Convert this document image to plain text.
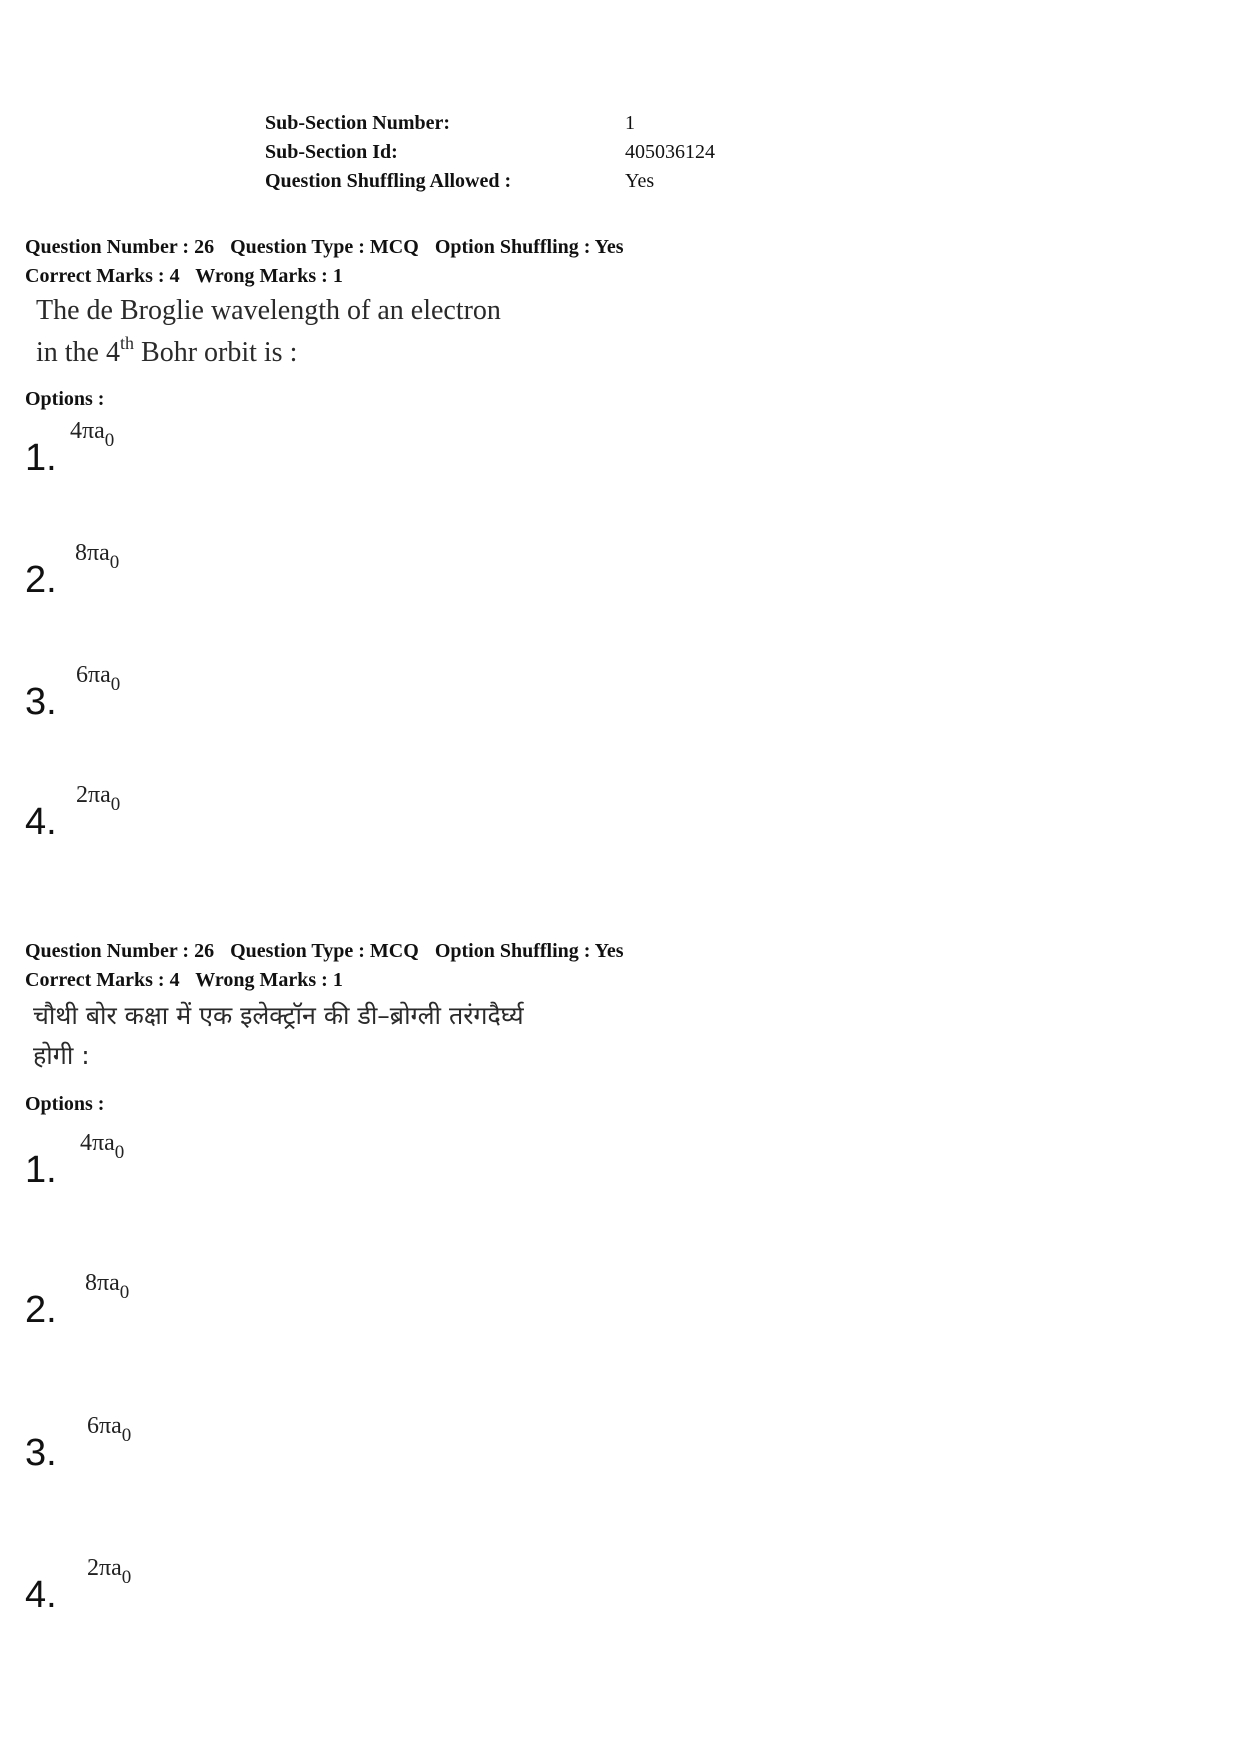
Sub-Section Number:	1
Sub-Section Id:	405036124
Question Shuffling Allowed :	Yes
Question Number : 26 Question Type : MCQ Option Shuffling : Yes
Correct Marks : 4 Wrong Marks : 1
The de Broglie wavelength of an electron
in the 4th Bohr orbit is :
Options :
1.
$4\pi a_0$
2.
$8\pi a_0$
3.
$6\pi a_0$
4.
$2\pi a_0$
Question Number : 26 Question Type : MCQ Option Shuffling : Yes
Correct Marks : 4 Wrong Marks : 1
चौथी बोर कक्षा में एक इलेक्ट्रॉन की डी–ब्रोग्ली तरंगदैर्घ्य
होगी :
Options :
1.
$4\pi a_0$
2.
$8\pi a_0$
3.
$6\pi a_0$
4.
$2\pi a_0$
